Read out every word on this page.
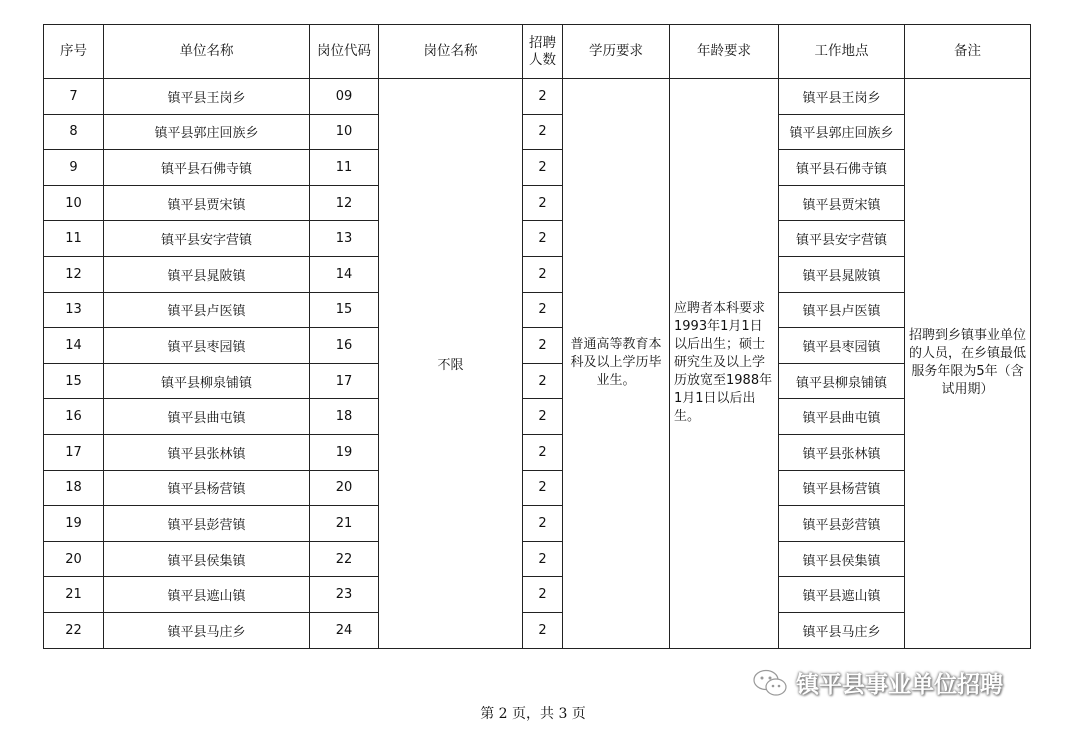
序号	单位名称	岗位代码	岗位名称	招聘人数	学历要求	年龄要求	工作地点	备注
7	镇平县王岗乡	09	不限	2	普通高等教育本科及以上学历毕业生。	应聘者本科要求1993年1月1日以后出生；硕士研究生及以上学历放宽至1988年1月1日以后出生。	镇平县王岗乡	招聘到乡镇事业单位的人员，在乡镇最低服务年限为5年（含试用期）
8	镇平县郭庄回族乡	10		2			镇平县郭庄回族乡	
9	镇平县石佛寺镇	11		2			镇平县石佛寺镇	
10	镇平县贾宋镇	12		2			镇平县贾宋镇	
11	镇平县安字营镇	13		2			镇平县安字营镇	
12	镇平县晁陂镇	14		2			镇平县晁陂镇	
13	镇平县卢医镇	15		2			镇平县卢医镇	
14	镇平县枣园镇	16		2			镇平县枣园镇	
15	镇平县柳泉铺镇	17		2			镇平县柳泉铺镇	
16	镇平县曲屯镇	18		2			镇平县曲屯镇	
17	镇平县张林镇	19		2			镇平县张林镇	
18	镇平县杨营镇	20		2			镇平县杨营镇	
19	镇平县彭营镇	21		2			镇平县彭营镇	
20	镇平县侯集镇	22		2			镇平县侯集镇	
21	镇平县遮山镇	23		2			镇平县遮山镇	
22	镇平县马庄乡	24		2			镇平县马庄乡	
镇平县事业单位招聘
第 2 页，共 3 页
